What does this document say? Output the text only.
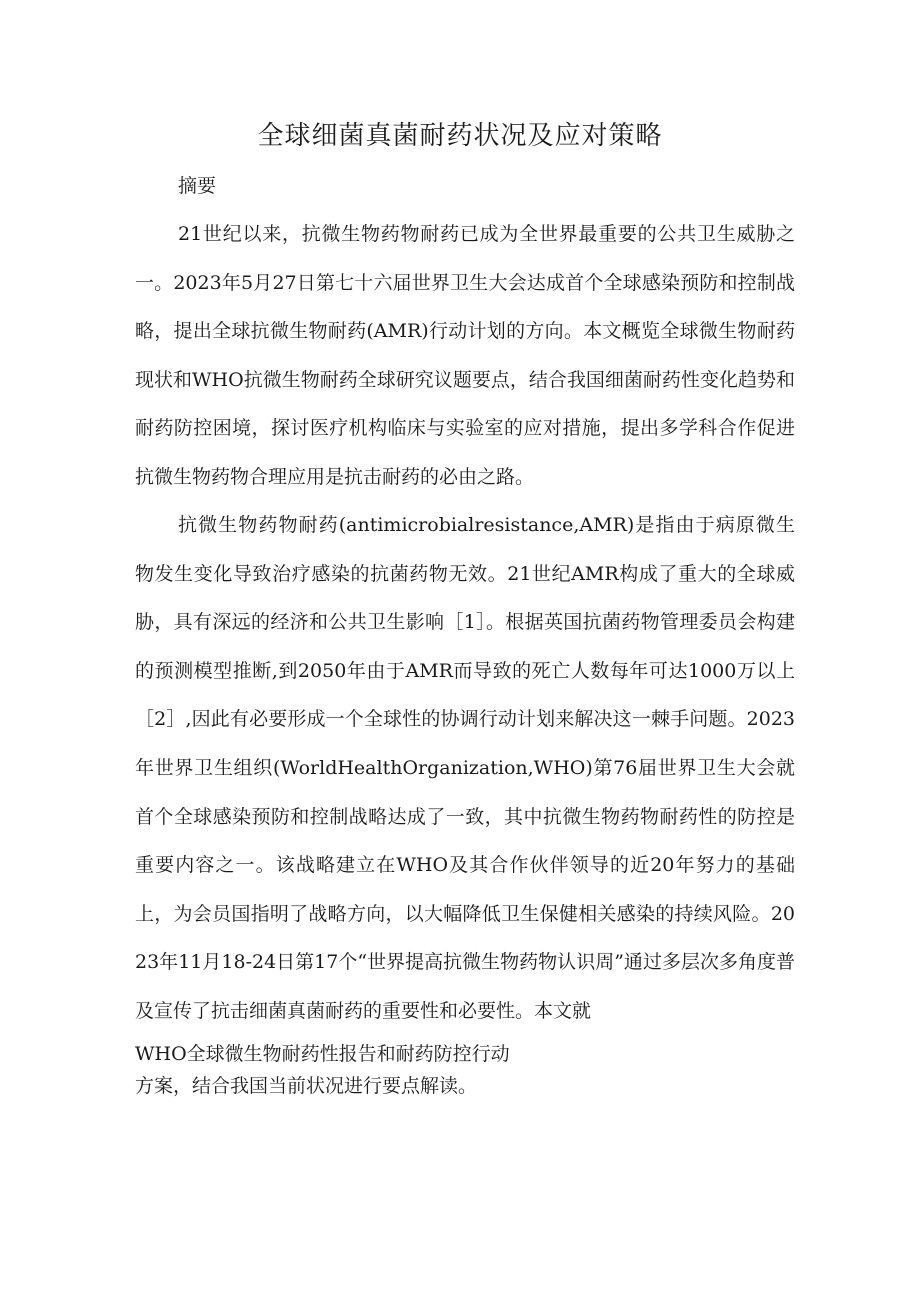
全球细菌真菌耐药状况及应对策略

摘要

21世纪以来，抗微生物药物耐药已成为全世界最重要的公共卫生威胁之一。2023年5月27日第七十六届世界卫生大会达成首个全球感染预防和控制战略，提出全球抗微生物耐药(AMR)行动计划的方向。本文概览全球微生物耐药现状和WHO抗微生物耐药全球研究议题要点，结合我国细菌耐药性变化趋势和耐药防控困境，探讨医疗机构临床与实验室的应对措施，提出多学科合作促进抗微生物药物合理应用是抗击耐药的必由之路。

抗微生物药物耐药(antimicrobialresistance,AMR)是指由于病原微生物发生变化导致治疗感染的抗菌药物无效。21世纪AMR构成了重大的全球威胁，具有深远的经济和公共卫生影响［1］。根据英国抗菌药物管理委员会构建的预测模型推断,到2050年由于AMR而导致的死亡人数每年可达1000万以上［2］,因此有必要形成一个全球性的协调行动计划来解决这一棘手问题。2023年世界卫生组织(WorldHealthOrganization,WHO)第76届世界卫生大会就首个全球感染预防和控制战略达成了一致，其中抗微生物药物耐药性的防控是重要内容之一。该战略建立在WHO及其合作伙伴领导的近20年努力的基础上，为会员国指明了战略方向，以大幅降低卫生保健相关感染的持续风险。2023年11月18-24日第17个“世界提高抗微生物药物认识周”通过多层次多角度普及宣传了抗击细菌真菌耐药的重要性和必要性。本文就

WHO全球微生物耐药性报告和耐药防控行动

方案，结合我国当前状况进行要点解读。
